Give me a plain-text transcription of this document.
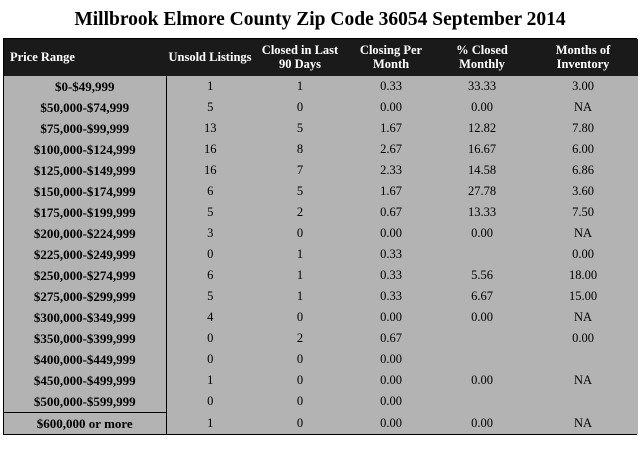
Millbrook Elmore County Zip Code 36054 September 2014
Price Range	Unsold Listings	Closed in Last 90 Days	Closing Per Month	% Closed Monthly	Months of Inventory
$0-$49,999	1	1	0.33	33.33	3.00
$50,000-$74,999	5	0	0.00	0.00	NA
$75,000-$99,999	13	5	1.67	12.82	7.80
$100,000-$124,999	16	8	2.67	16.67	6.00
$125,000-$149,999	16	7	2.33	14.58	6.86
$150,000-$174,999	6	5	1.67	27.78	3.60
$175,000-$199,999	5	2	0.67	13.33	7.50
$200,000-$224,999	3	0	0.00	0.00	NA
$225,000-$249,999	0	1	0.33		0.00
$250,000-$274,999	6	1	0.33	5.56	18.00
$275,000-$299,999	5	1	0.33	6.67	15.00
$300,000-$349,999	4	0	0.00	0.00	NA
$350,000-$399,999	0	2	0.67		0.00
$400,000-$449,999	0	0	0.00		
$450,000-$499,999	1	0	0.00	0.00	NA
$500,000-$599,999	0	0	0.00		
$600,000 or more	1	0	0.00	0.00	NA
